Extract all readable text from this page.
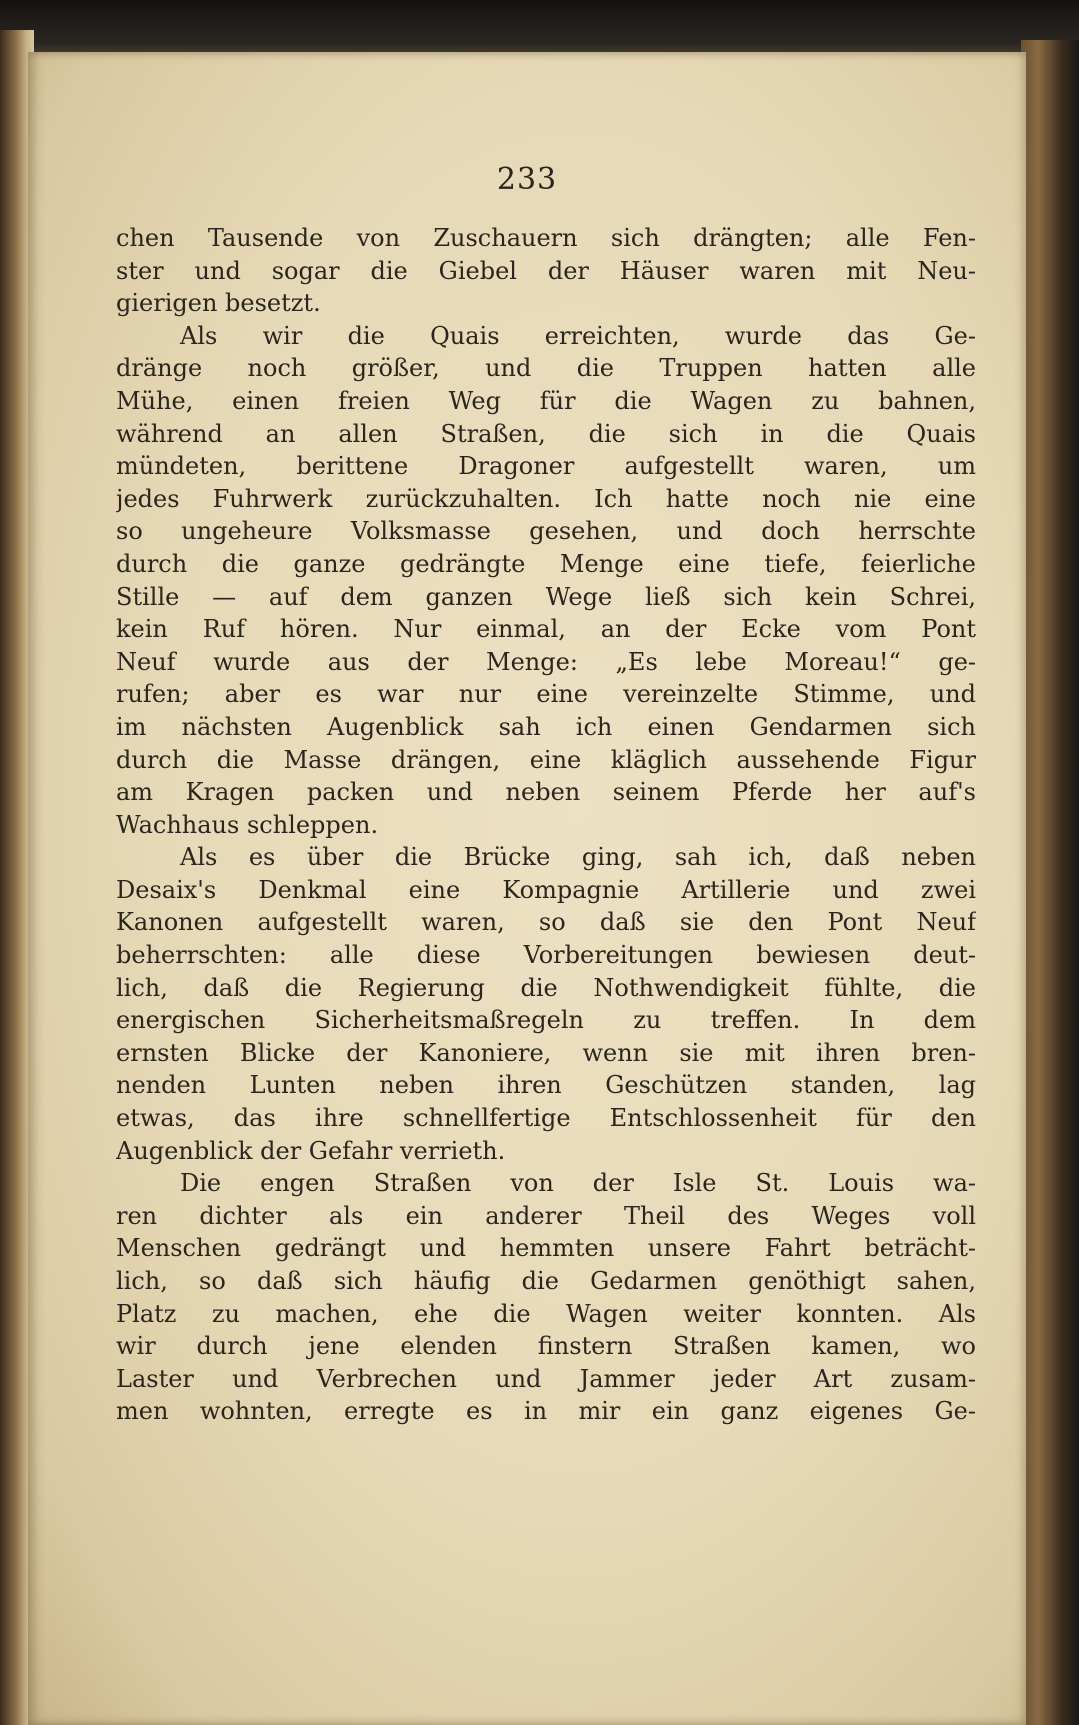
233
chen Tausende von Zuschauern sich drängten; alle Fen-
ster und sogar die Giebel der Häuser waren mit Neu-
gierigen besetzt.
Als wir die Quais erreichten, wurde das Ge-
dränge noch größer, und die Truppen hatten alle
Mühe, einen freien Weg für die Wagen zu bahnen,
während an allen Straßen, die sich in die Quais
mündeten, berittene Dragoner aufgestellt waren, um
jedes Fuhrwerk zurückzuhalten. Ich hatte noch nie eine
so ungeheure Volksmasse gesehen, und doch herrschte
durch die ganze gedrängte Menge eine tiefe, feierliche
Stille — auf dem ganzen Wege ließ sich kein Schrei,
kein Ruf hören. Nur einmal, an der Ecke vom Pont
Neuf wurde aus der Menge: „Es lebe Moreau!“ ge-
rufen; aber es war nur eine vereinzelte Stimme, und
im nächsten Augenblick sah ich einen Gendarmen sich
durch die Masse drängen, eine kläglich aussehende Figur
am Kragen packen und neben seinem Pferde her auf's
Wachhaus schleppen.
Als es über die Brücke ging, sah ich, daß neben
Desaix's Denkmal eine Kompagnie Artillerie und zwei
Kanonen aufgestellt waren, so daß sie den Pont Neuf
beherrschten: alle diese Vorbereitungen bewiesen deut-
lich, daß die Regierung die Nothwendigkeit fühlte, die
energischen Sicherheitsmaßregeln zu treffen. In dem
ernsten Blicke der Kanoniere, wenn sie mit ihren bren-
nenden Lunten neben ihren Geschützen standen, lag
etwas, das ihre schnellfertige Entschlossenheit für den
Augenblick der Gefahr verrieth.
Die engen Straßen von der Isle St. Louis wa-
ren dichter als ein anderer Theil des Weges voll
Menschen gedrängt und hemmten unsere Fahrt beträcht-
lich, so daß sich häufig die Gedarmen genöthigt sahen,
Platz zu machen, ehe die Wagen weiter konnten. Als
wir durch jene elenden finstern Straßen kamen, wo
Laster und Verbrechen und Jammer jeder Art zusam-
men wohnten, erregte es in mir ein ganz eigenes Ge-
